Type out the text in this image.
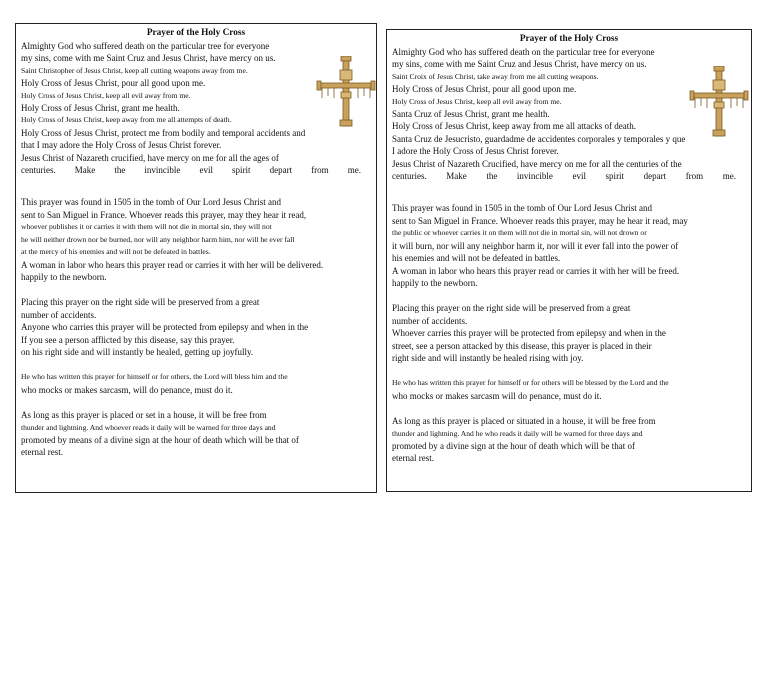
Prayer of the Holy Cross
Almighty God who suffered death on the particular tree for everyone
my sins, come with me Saint Cruz and Jesus Christ, have mercy on us.
Saint Christopher of Jesus Christ, keep all cutting weapons away from me.
Holy Cross of Jesus Christ, pour all good upon me.
Holy Cross of Jesus Christ, keep all evil away from me.
Holy Cross of Jesus Christ, grant me health.
Holy Cross of Jesus Christ, keep away from me all attempts of death.
Holy Cross of Jesus Christ, protect me from bodily and temporal accidents and
that I may adore the Holy Cross of Jesus Christ forever.
Jesus Christ of Nazareth crucified, have mercy on me for all the ages of
centuries. Make the invincible evil spirit depart from me.
This prayer was found in 1505 in the tomb of Our Lord Jesus Christ and
sent to San Miguel in France. Whoever reads this prayer, may they hear it read,
whoever publishes it or carries it with them will not die in mortal sin, they will not
he will neither drown nor be burned, nor will any neighbor harm him, nor will he ever fall
at the mercy of his enemies and will not be defeated in battles.
A woman in labor who hears this prayer read or carries it with her will be delivered.
happily to the newborn.
Placing this prayer on the right side will be preserved from a great
number of accidents.
Anyone who carries this prayer will be protected from epilepsy and when in the
If you see a person afflicted by this disease, say this prayer.
on his right side and will instantly be healed, getting up joyfully.
He who has written this prayer for himself or for others, the Lord will bless him and the
who mocks or makes sarcasm, will do penance, must do it.
As long as this prayer is placed or set in a house, it will be free from
thunder and lightning. And whoever reads it daily will be warned for three days and
promoted by means of a divine sign at the hour of death which will be that of
eternal rest.
Prayer of the Holy Cross
Almighty God who has suffered death on the particular tree for everyone
my sins, come with me Saint Cruz and Jesus Christ, have mercy on us.
Saint Croix of Jesus Christ, take away from me all cutting weapons.
Holy Cross of Jesus Christ, pour all good upon me.
Holy Cross of Jesus Christ, keep all evil away from me.
Santa Cruz of Jesus Christ, grant me health.
Holy Cross of Jesus Christ, keep away from me all attacks of death.
Santa Cruz de Jesucristo, guardadme de accidentes corporales y temporales y que
I adore the Holy Cross of Jesus Christ forever.
Jesus Christ of Nazareth Crucified, have mercy on me for all the centuries of the
centuries. Make the invincible evil spirit depart from me.
This prayer was found in 1505 in the tomb of Our Lord Jesus Christ and
sent to San Miguel in France. Whoever reads this prayer, may he hear it read, may
the public or whoever carries it on them will not die in mortal sin, will not drown or
it will burn, nor will any neighbor harm it, nor will it ever fall into the power of
his enemies and will not be defeated in battles.
A woman in labor who hears this prayer read or carries it with her will be freed.
happily to the newborn.
Placing this prayer on the right side will be preserved from a great
number of accidents.
Whoever carries this prayer will be protected from epilepsy and when in the
street, see a person attacked by this disease, this prayer is placed in their
right side and will instantly be healed rising with joy.
He who has written this prayer for himself or for others will be blessed by the Lord and the
who mocks or makes sarcasm will do penance, must do it.
As long as this prayer is placed or situated in a house, it will be free from
thunder and lightning. And he who reads it daily will be warned for three days and
promoted by a divine sign at the hour of death which will be that of
eternal rest.
